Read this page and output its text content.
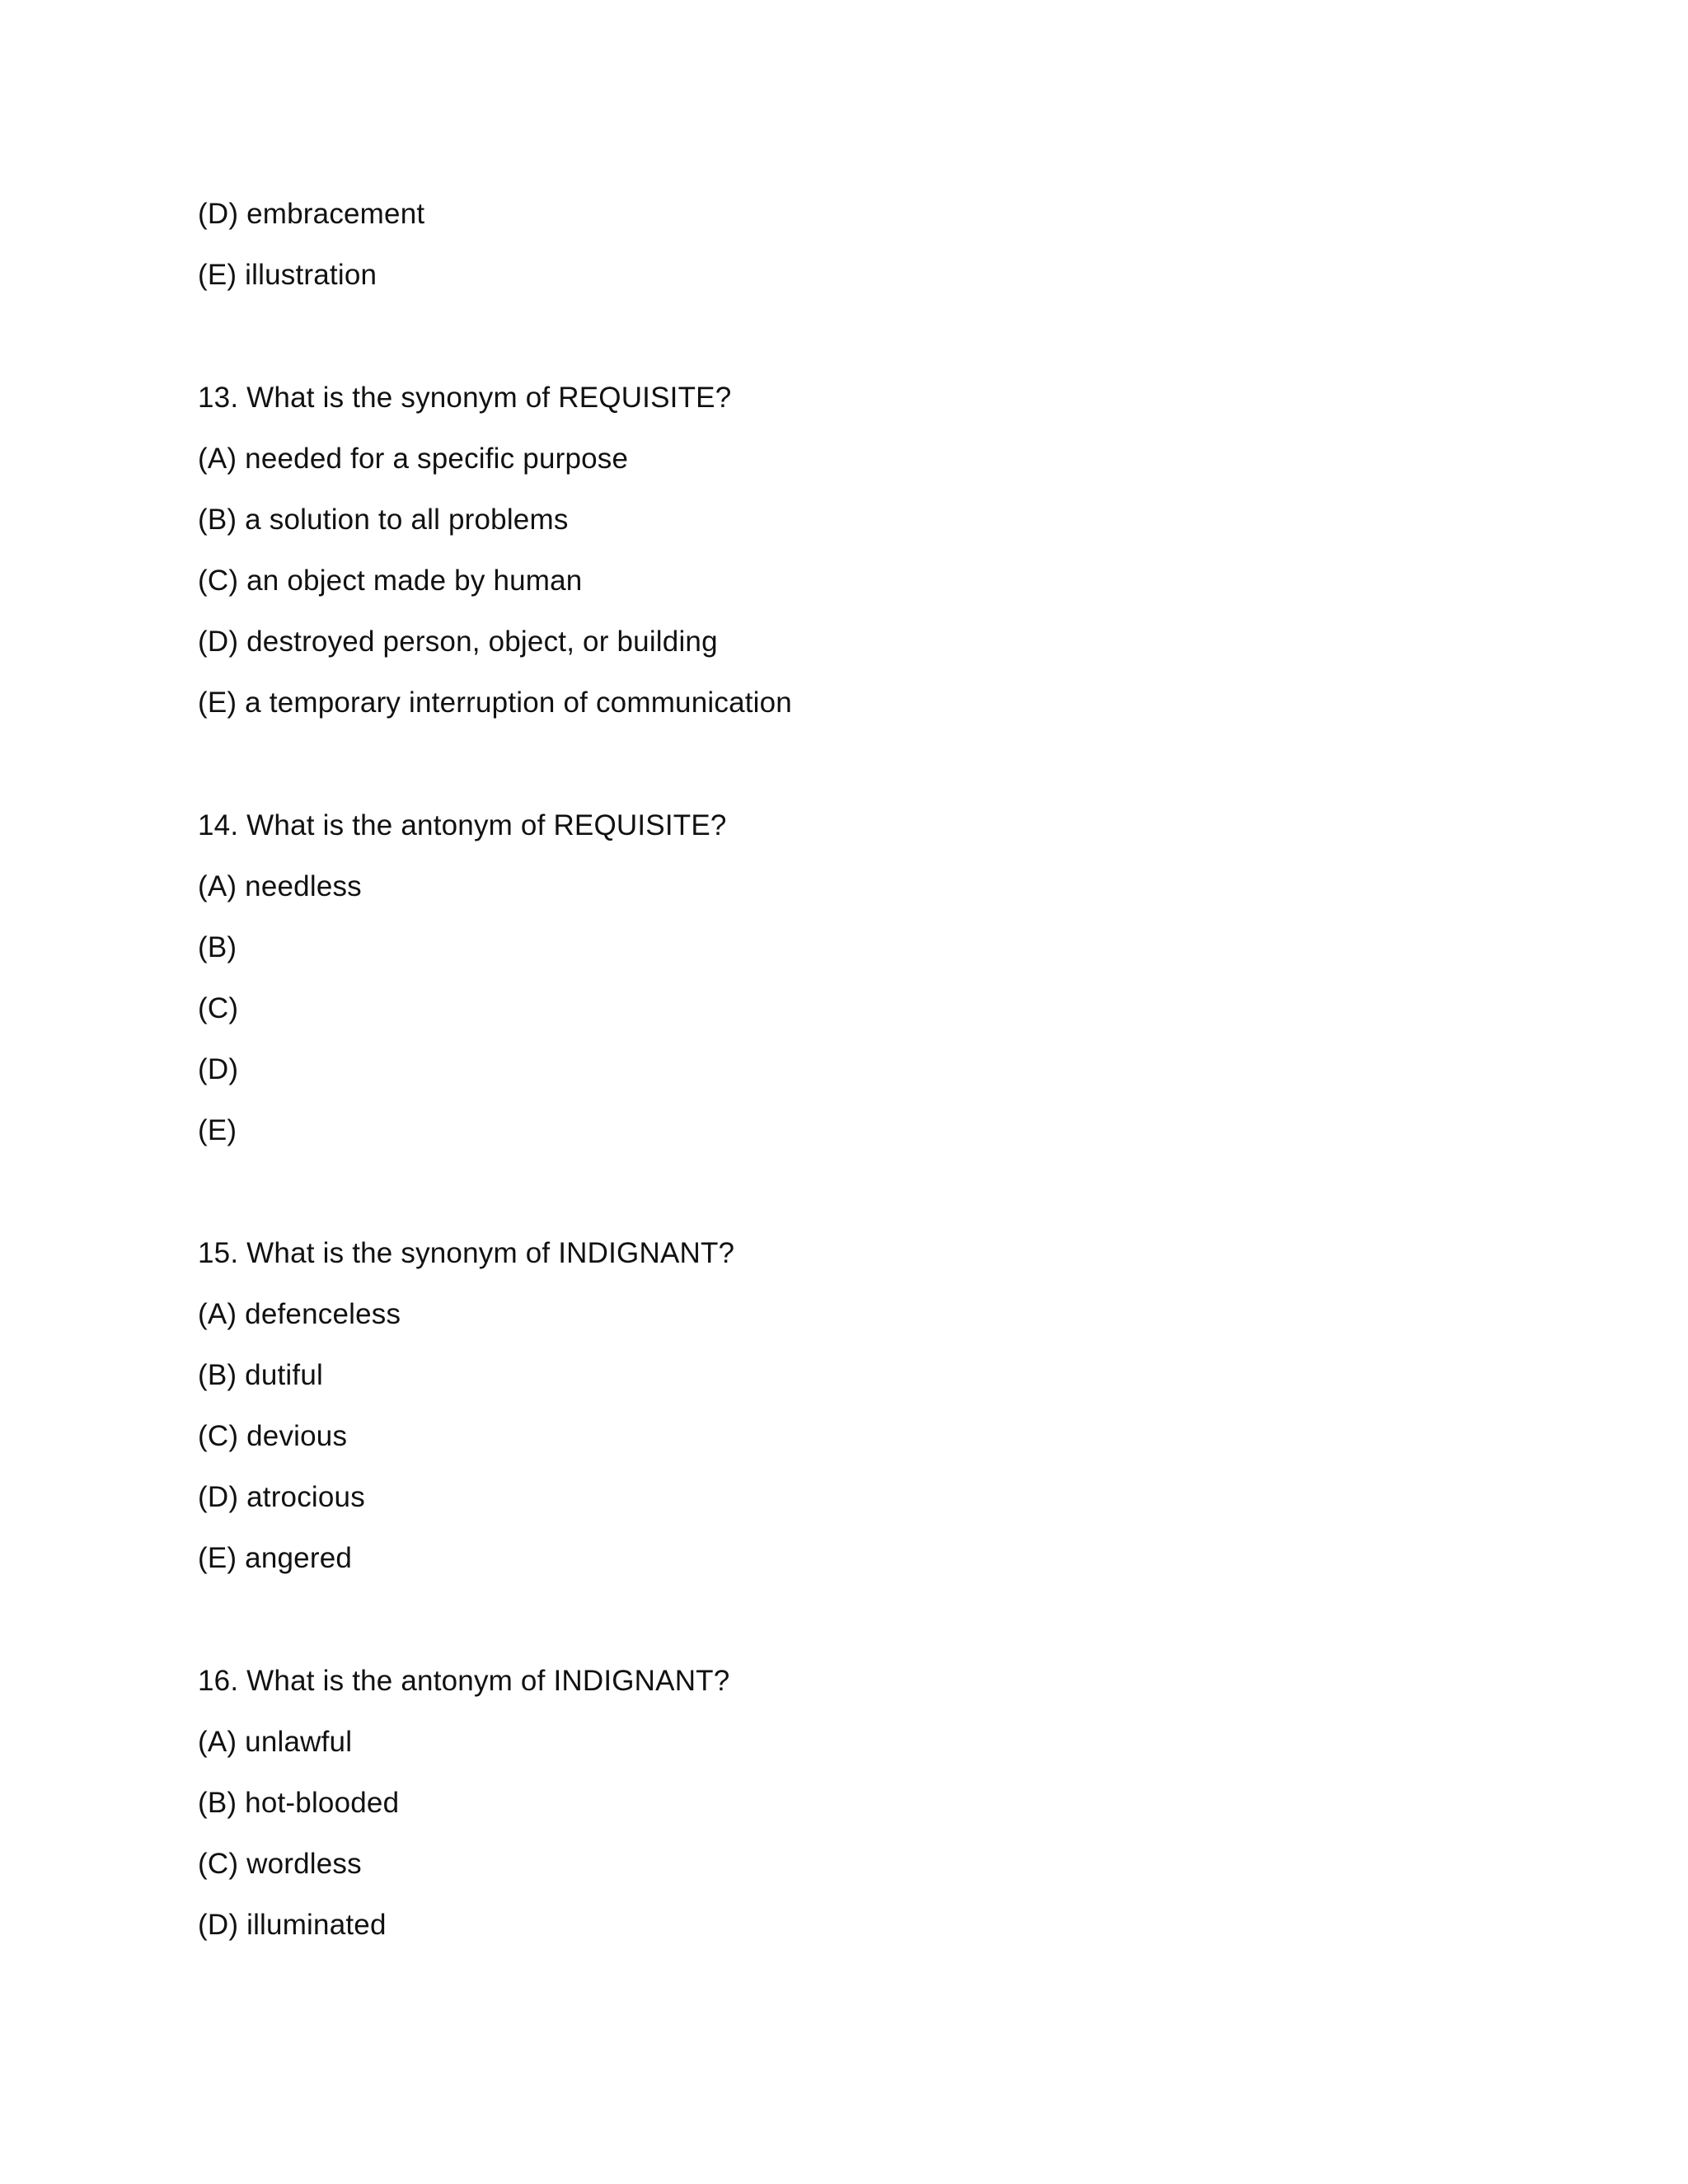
(D) embracement
(E) illustration
13. What is the synonym of REQUISITE?
(A) needed for a specific purpose
(B) a solution to all problems
(C) an object made by human
(D) destroyed person, object, or building
(E) a temporary interruption of communication
14. What is the antonym of REQUISITE?
(A) needless
(B)
(C)
(D)
(E)
15. What is the synonym of INDIGNANT?
(A) defenceless
(B) dutiful
(C) devious
(D) atrocious
(E) angered
16. What is the antonym of INDIGNANT?
(A) unlawful
(B) hot-blooded
(C) wordless
(D) illuminated
